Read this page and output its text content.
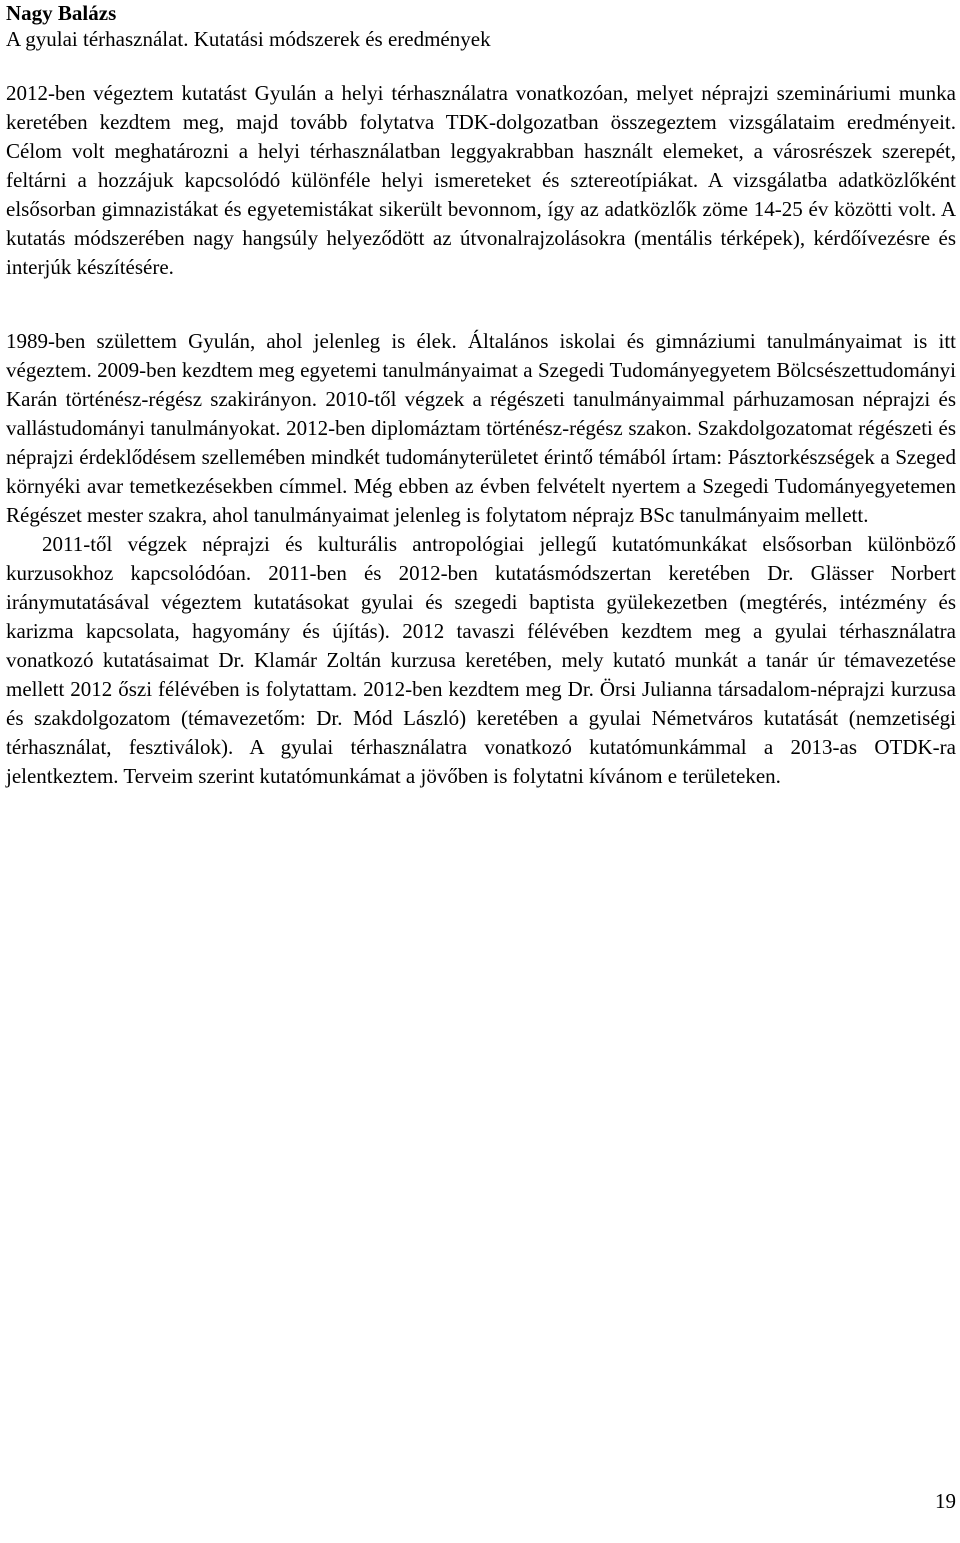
Nagy Balázs

A gyulai térhasználat. Kutatási módszerek és eredmények

2012-ben végeztem kutatást Gyulán a helyi térhasználatra vonatkozóan, melyet néprajzi szemináriumi munka keretében kezdtem meg, majd tovább folytatva TDK-dolgozatban összegeztem vizsgálataim eredményeit. Célom volt meghatározni a helyi térhasználatban leggyakrabban használt elemeket, a városrészek szerepét, feltárni a hozzájuk kapcsolódó különféle helyi ismereteket és sztereotípiákat. A vizsgálatba adatközlőként elsősorban gimnazistákat és egyetemistákat sikerült bevonnom, így az adatközlők zöme 14-25 év közötti volt. A kutatás módszerében nagy hangsúly helyeződött az útvonalrajzolásokra (mentális térképek), kérdőívezésre és interjúk készítésére.

1989-ben születtem Gyulán, ahol jelenleg is élek. Általános iskolai és gimnáziumi tanulmányaimat is itt végeztem. 2009-ben kezdtem meg egyetemi tanulmányaimat a Szegedi Tudományegyetem Bölcsészettudományi Karán történész-régész szakirányon. 2010-től végzek a régészeti tanulmányaimmal párhuzamosan néprajzi és vallástudományi tanulmányokat. 2012-ben diplomáztam történész-régész szakon. Szakdolgozatomat régészeti és néprajzi érdeklődésem szellemében mindkét tudományterületet érintő témából írtam: Pásztorkészségek a Szeged környéki avar temetkezésekben címmel. Még ebben az évben felvételt nyertem a Szegedi Tudományegyetemen Régészet mester szakra, ahol tanulmányaimat jelenleg is folytatom néprajz BSc tanulmányaim mellett.

2011-től végzek néprajzi és kulturális antropológiai jellegű kutatómunkákat elsősorban különböző kurzusokhoz kapcsolódóan. 2011-ben és 2012-ben kutatásmódszertan keretében Dr. Glässer Norbert iránymutatásával végeztem kutatásokat gyulai és szegedi baptista gyülekezetben (megtérés, intézmény és karizma kapcsolata, hagyomány és újítás). 2012 tavaszi félévében kezdtem meg a gyulai térhasználatra vonatkozó kutatásaimat Dr. Klamár Zoltán kurzusa keretében, mely kutató munkát a tanár úr témavezetése mellett 2012 őszi félévében is folytattam. 2012-ben kezdtem meg Dr. Örsi Julianna társadalom-néprajzi kurzusa és szakdolgozatom (témavezetőm: Dr. Mód László) keretében a gyulai Németváros kutatását (nemzetiségi térhasználat, fesztiválok). A gyulai térhasználatra vonatkozó kutatómunkámmal a 2013-as OTDK-ra jelentkeztem. Terveim szerint kutatómunkámat a jövőben is folytatni kívánom e területeken.

19
